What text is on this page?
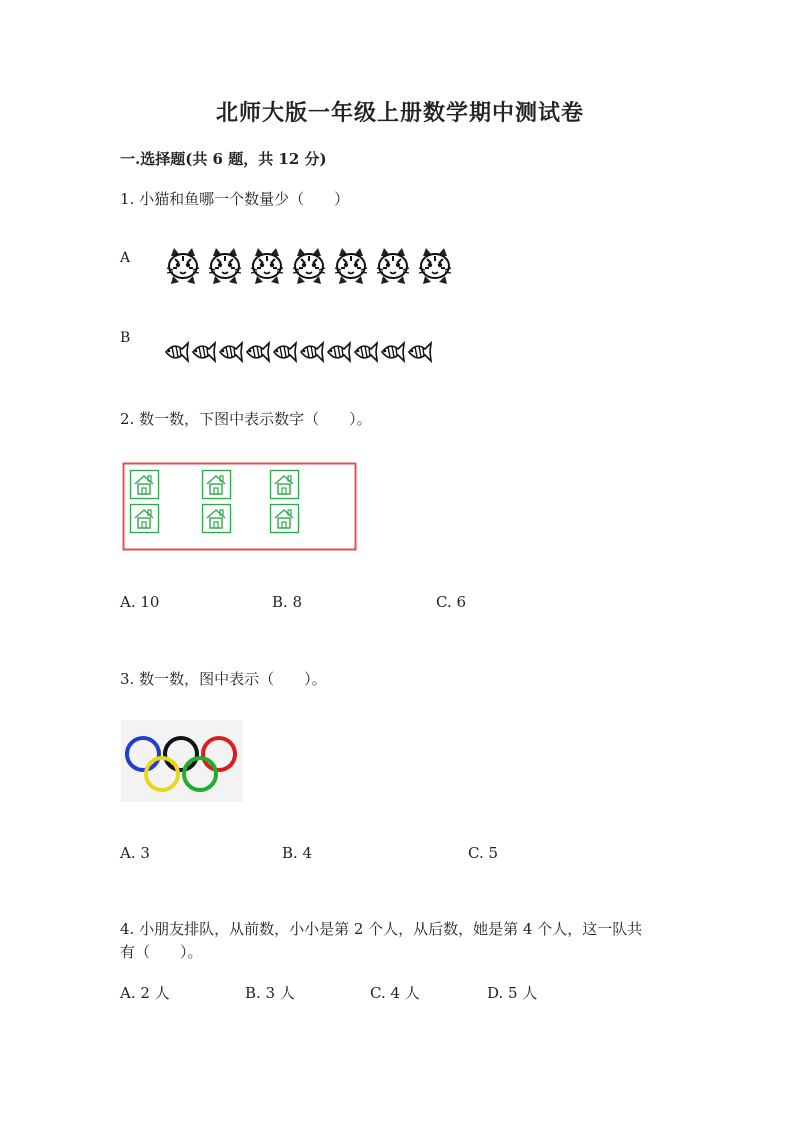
北师大版一年级上册数学期中测试卷
一.选择题(共 6 题，共 12 分)
1. 小猫和鱼哪一个数量少（　　）
A
B
2. 数一数，下图中表示数字（　　）。
A. 10	B. 8	C. 6
3. 数一数，图中表示（　　）。
A. 3	B. 4	C. 5
4. 小朋友排队，从前数，小小是第 2 个人，从后数，她是第 4 个人，这一队共
有（　　）。
A. 2 人	B. 3 人	C. 4 人	D. 5 人
